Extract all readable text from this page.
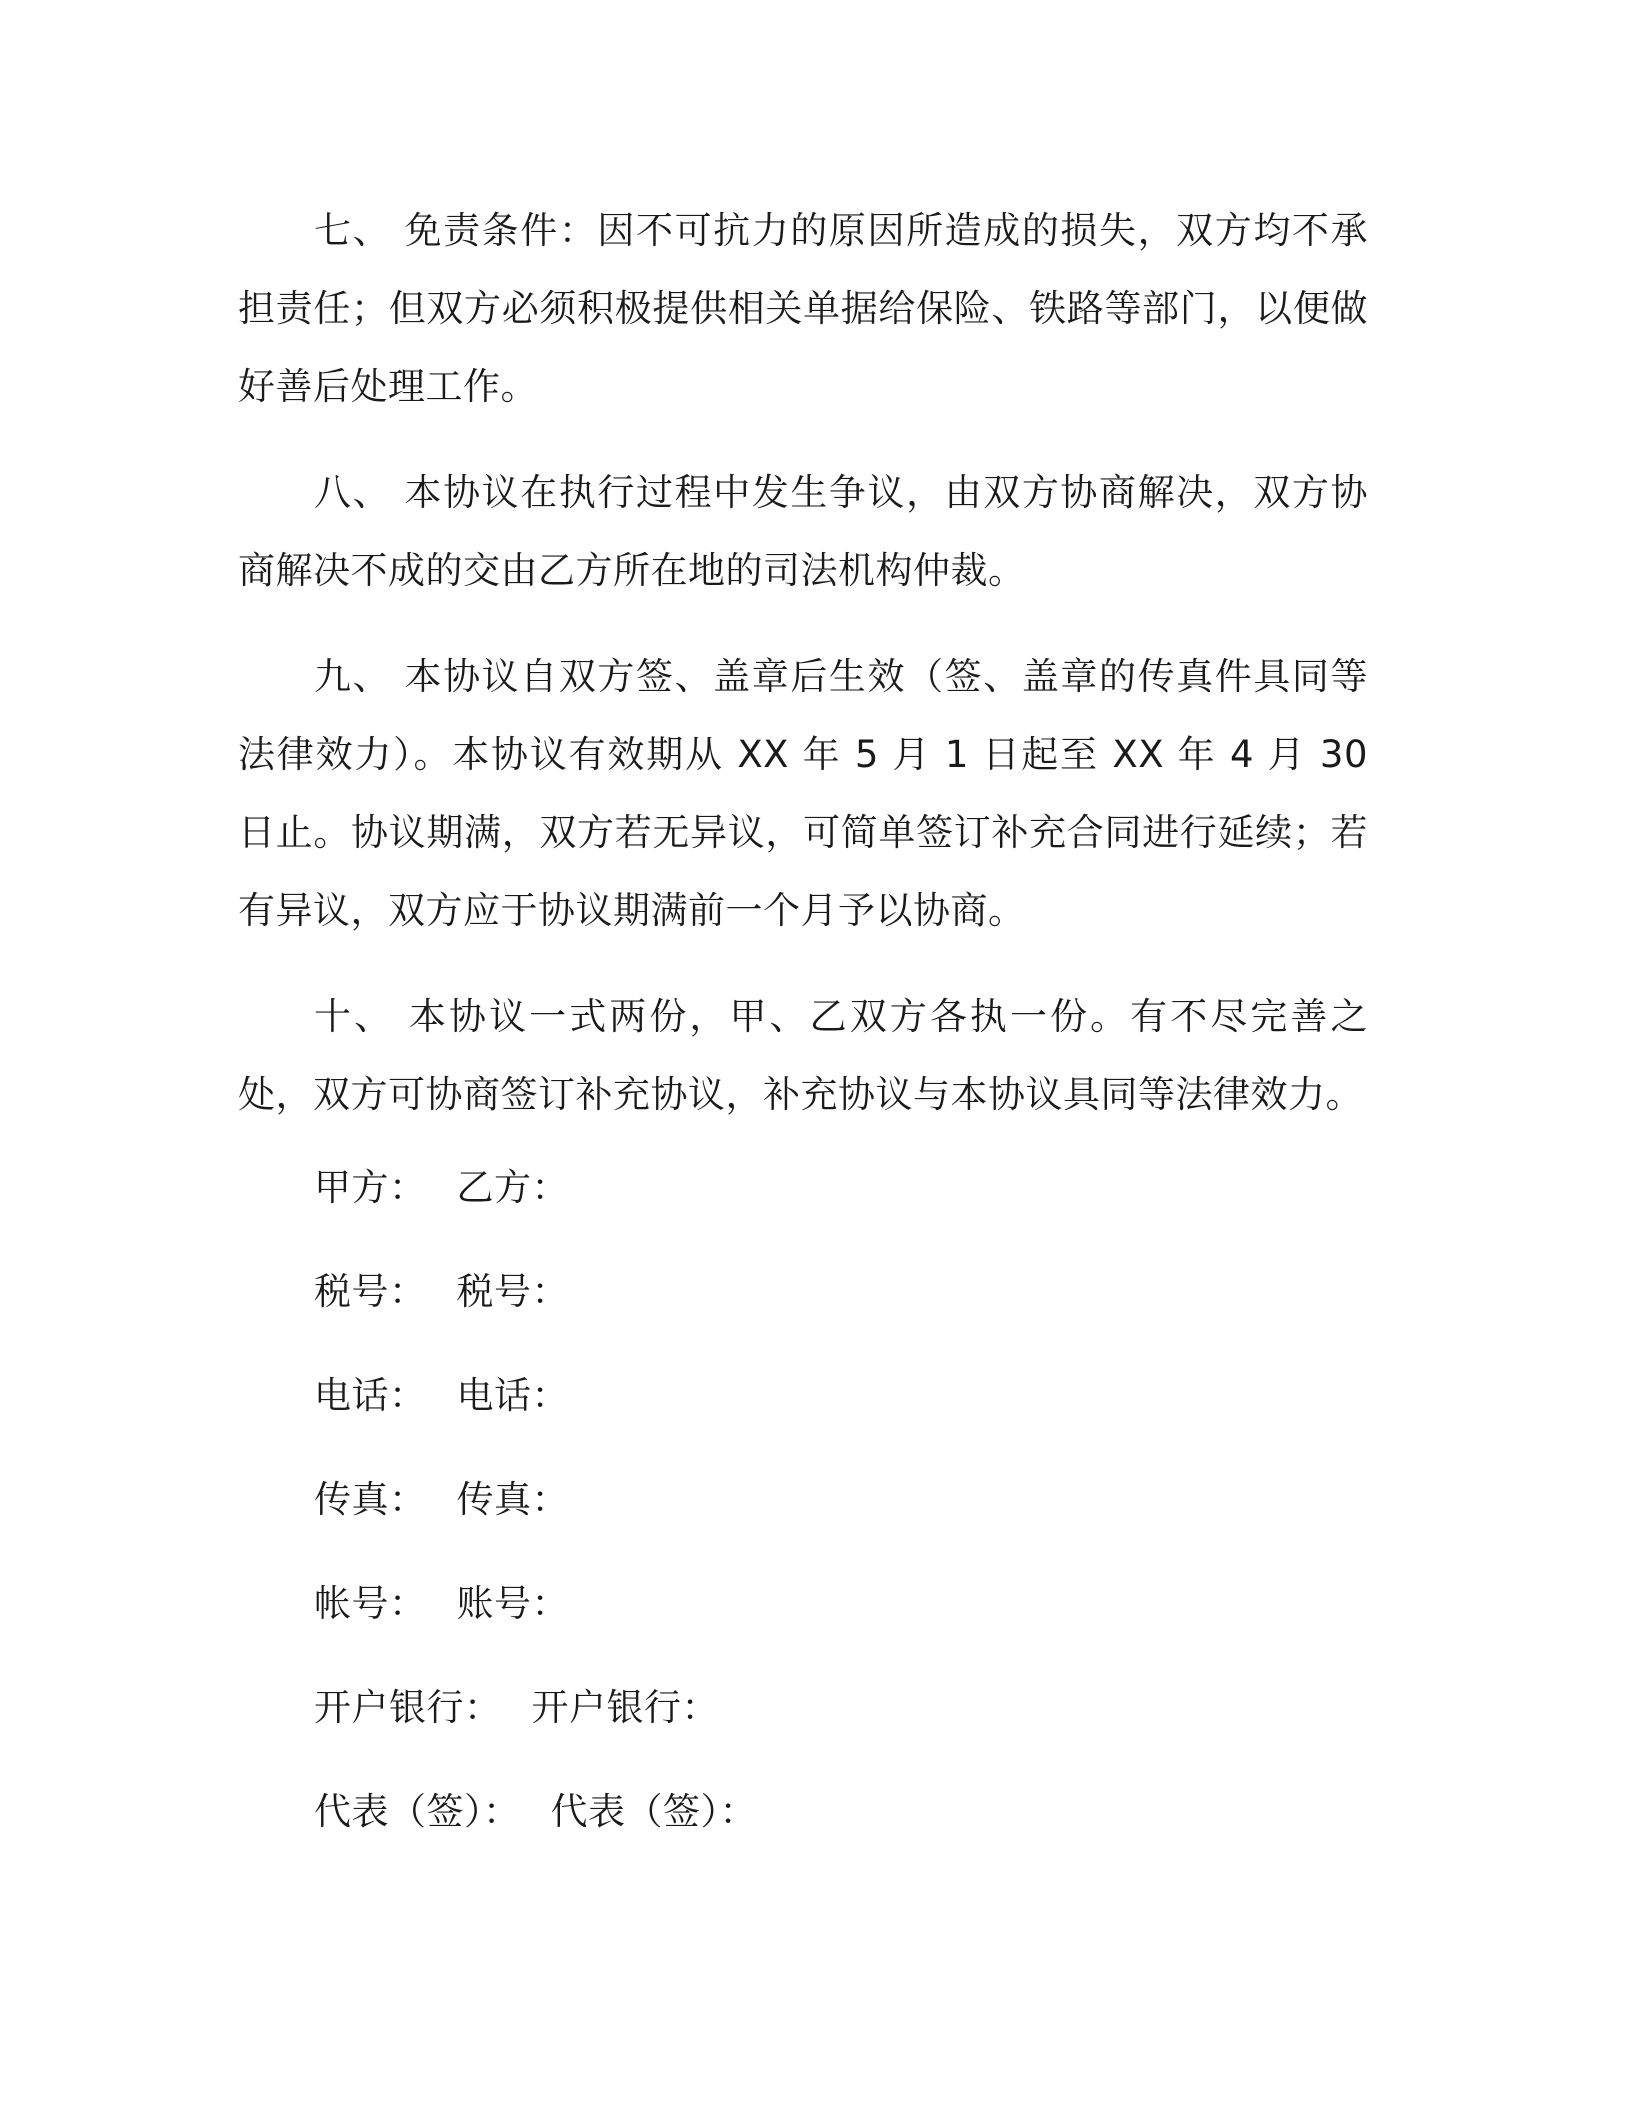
七、 免责条件：因不可抗力的原因所造成的损失，双方均不承担责任；但双方必须积极提供相关单据给保险、铁路等部门，以便做好善后处理工作。

八、 本协议在执行过程中发生争议，由双方协商解决，双方协商解决不成的交由乙方所在地的司法机构仲裁。

九、 本协议自双方签、盖章后生效（签、盖章的传真件具同等法律效力）。本协议有效期从 XX 年 5 月 1 日起至 XX 年 4 月 30 日止。协议期满，双方若无异议，可简单签订补充合同进行延续；若有异议，双方应于协议期满前一个月予以协商。

十、 本协议一式两份，甲、乙双方各执一份。有不尽完善之处，双方可协商签订补充协议，补充协议与本协议具同等法律效力。

甲方： 乙方：
税号： 税号：
电话： 电话：
传真： 传真：
帐号： 账号：
开户银行： 开户银行：
代表（签）： 代表（签）：
